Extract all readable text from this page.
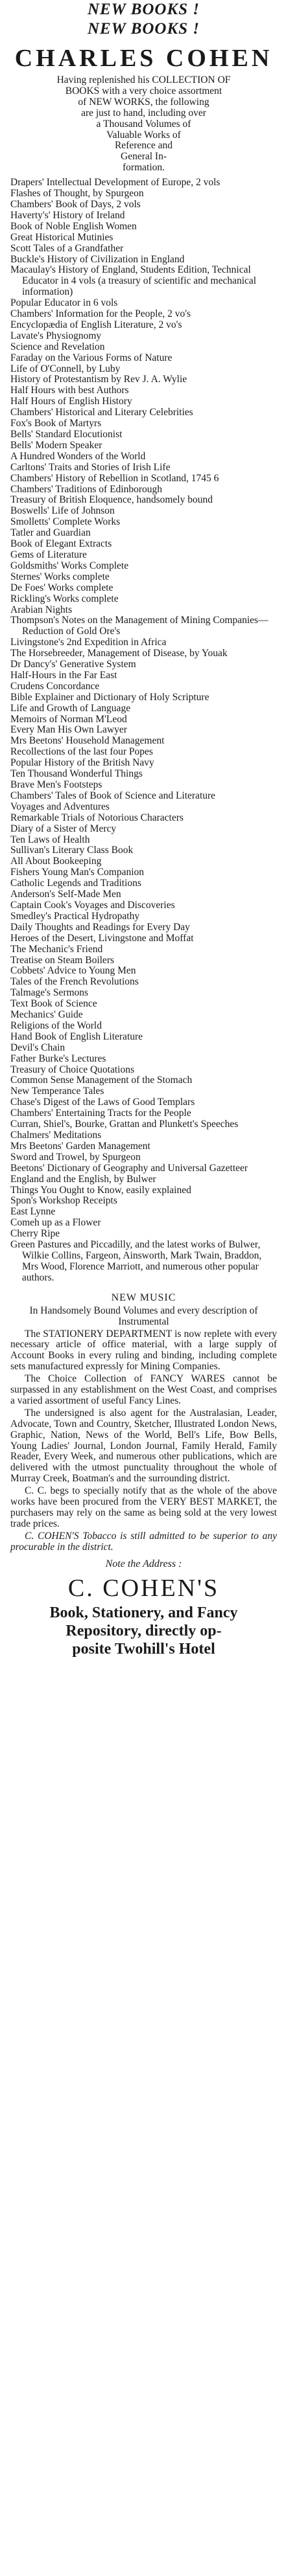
NEW BOOKS !
NEW BOOKS !
CHARLES COHEN
Having replenished his COLLECTION OF
BOOKS with a very choice assortment
of NEW WORKS, the following
are just to hand, including over
a Thousand Volumes of
Valuable Works of
Reference and
General In-
formation.
Drapers' Intellectual Development of Europe, 2 vols
Flashes of Thought, by Spurgeon
Chambers' Book of Days, 2 vols
Haverty's' History of Ireland
Book of Noble English Women
Great Historical Mutinies
Scott Tales of a Grandfather
Buckle's History of Civilization in England
Macaulay's History of England, Students Edition, Technical Educator in 4 vols (a treasury of scientific and mechanical information)
Popular Educator in 6 vols
Chambers' Information for the People, 2 vo's
Encyclopædia of English Literature, 2 vo's
Lavate's Physiognomy
Science and Revelation
Faraday on the Various Forms of Nature
Life of O'Connell, by Luby
History of Protestantism by Rev J. A. Wylie
Half Hours with best Authors
Half Hours of English History
Chambers' Historical and Literary Celebrities
Fox's Book of Martyrs
Bells' Standard Elocutionist
Bells' Modern Speaker
A Hundred Wonders of the World
Carltons' Traits and Stories of Irish Life
Chambers' History of Rebellion in Scotland, 1745 6
Chambers' Traditions of Edinborough
Treasury of British Eloquence, handsomely bound
Boswells' Life of Johnson
Smolletts' Complete Works
Tatler and Guardian
Book of Elegant Extracts
Gems of Literature
Goldsmiths' Works Complete
Sternes' Works complete
De Foes' Works complete
Rickling's Works complete
Arabian Nights
Thompson's Notes on the Management of Mining Companies—Reduction of Gold Ore's
Livingstone's 2nd Expedition in Africa
The Horsebreeder, Management of Disease, by Youak
Dr Dancy's' Generative System
Half-Hours in the Far East
Crudens Concordance
Bible Explainer and Dictionary of Holy Scripture
Life and Growth of Language
Memoirs of Norman M'Leod
Every Man His Own Lawyer
Mrs Beetons' Household Management
Recollections of the last four Popes
Popular History of the British Navy
Ten Thousand Wonderful Things
Brave Men's Footsteps
Chambers' Tales of Book of Science and Literature
Voyages and Adventures
Remarkable Trials of Notorious Characters
Diary of a Sister of Mercy
Ten Laws of Health
Sullivan's Literary Class Book
All About Bookeeping
Fishers Young Man's Companion
Catholic Legends and Traditions
Anderson's Self-Made Men
Captain Cook's Voyages and Discoveries
Smedley's Practical Hydropathy
Daily Thoughts and Readings for Every Day
Heroes of the Desert, Livingstone and Moffat
The Mechanic's Friend
Treatise on Steam Boilers
Cobbets' Advice to Young Men
Tales of the French Revolutions
Talmage's Sermons
Text Book of Science
Mechanics' Guide
Religions of the World
Hand Book of English Literature
Devil's Chain
Father Burke's Lectures
Treasury of Choice Quotations
Common Sense Management of the Stomach
New Temperance Tales
Chase's Digest of the Laws of Good Templars
Chambers' Entertaining Tracts for the People
Curran, Shiel's, Bourke, Grattan and Plunkett's Speeches
Chalmers' Meditations
Mrs Beetons' Garden Management
Sword and Trowel, by Spurgeon
Beetons' Dictionary of Geography and Universal Gazetteer
England and the English, by Bulwer
Things You Ought to Know, easily explained
Spon's Workshop Receipts
East Lynne
Comeh up as a Flower
Cherry Ripe
Green Pastures and Piccadilly, and the latest works of Bulwer, Wilkie Collins, Fargeon, Ainsworth, Mark Twain, Braddon, Mrs Wood, Florence Marriott, and numerous other popular authors.
NEW MUSIC

In Handsomely Bound Volumes and every description of Instrumental

The STATIONERY DEPARTMENT is now replete with every necessary article of office material, with a large supply of Account Books in every ruling and binding, including complete sets manufactured expressly for Mining Companies.

The Choice Collection of FANCY WARES cannot be surpassed in any establishment on the West Coast, and comprises a varied assortment of useful Fancy Lines.

The undersigned is also agent for the Australasian, Leader, Advocate, Town and Country, Sketcher, Illustrated London News, Graphic, Nation, News of the World, Bell's Life, Bow Bells, Young Ladies' Journal, London Journal, Family Herald, Family Reader, Every Week, and numerous other publications, which are delivered with the utmost punctuality throughout the whole of Murray Creek, Boatman's and the surrounding district.

C. C. begs to specially notify that as the whole of the above works have been procured from the VERY BEST MARKET, the purchasers may rely on the same as being sold at the very lowest trade prices.

C. COHEN'S Tobacco is still admitted to be superior to any procurable in the district.

Note the Address :
C. COHEN'S
Book, Stationery, and Fancy
Repository, directly op-
posite Twohill's Hotel
